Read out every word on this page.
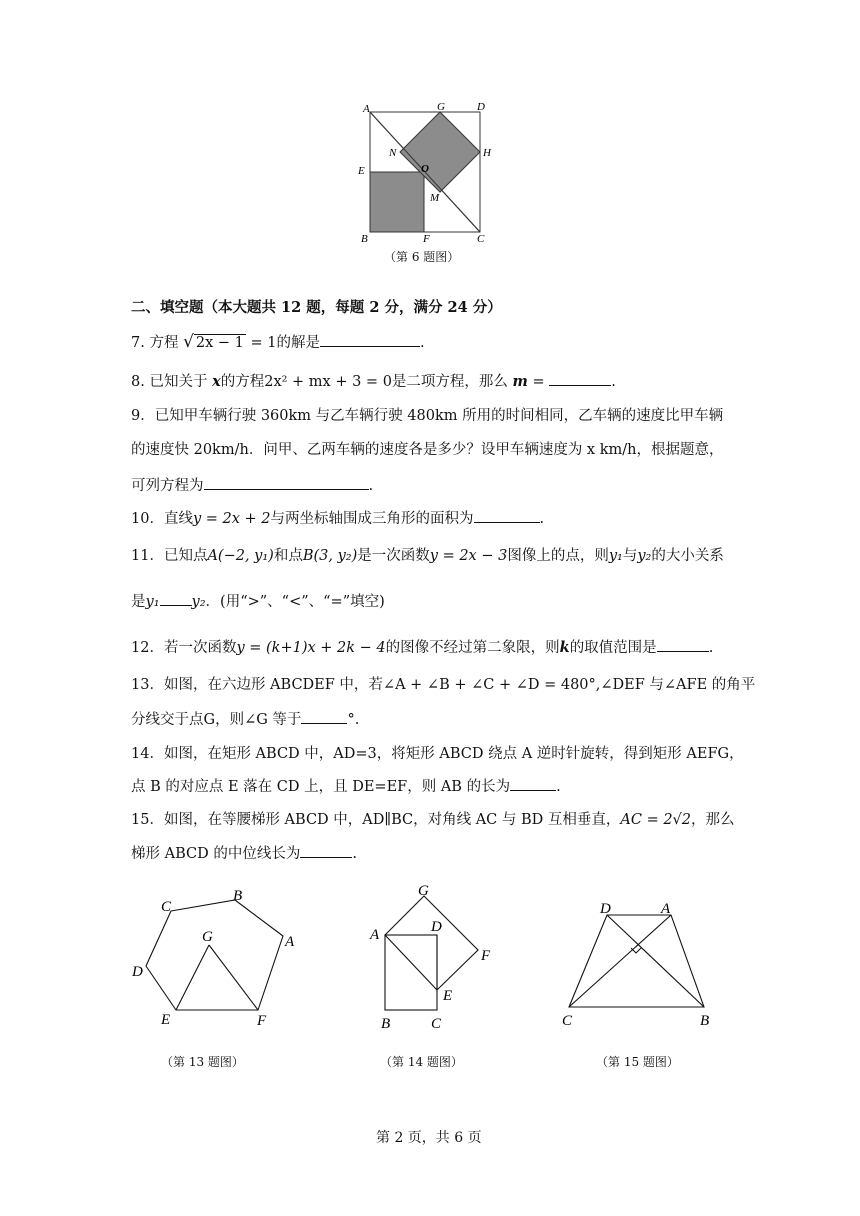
A	G	D
N
O
H
E
M
B	F	C
（第 6 题图）
二、填空题（本大题共 12 题，每题 2 分，满分 24 分）
7. 方程 √ 2x − 1 = 1的解是	.
8. 已知关于 x的方程2x² + mx + 3 = 0是二项方程，那么 m =	.
9．已知甲车辆行驶 360km 与乙车辆行驶 480km 所用的时间相同，乙车辆的速度比甲车辆
的速度快 20km/h．问甲、乙两车辆的速度各是多少？设甲车辆速度为 x km/h，根据题意，
可列方程为	.
10．直线y = 2x + 2与两坐标轴围成三角形的面积为	.
11．已知点A(−2, y₁)和点B(3, y₂)是一次函数y = 2x − 3图像上的点，则y₁与y₂的大小关系
是y₁ y₂．(用“>”、“<”、“=”填空)
12．若一次函数y = (k+1)x + 2k − 4的图像不经过第二象限，则k的取值范围是	.
13．如图，在六边形 ABCDEF 中，若∠A + ∠B + ∠C + ∠D = 480°,∠DEF 与∠AFE 的角平
分线交于点G，则∠G 等于	°.
14．如图，在矩形 ABCD 中，AD=3，将矩形 ABCD 绕点 A 逆时针旋转，得到矩形 AEFG，
点 B 的对应点 E 落在 CD 上，且 DE=EF，则 AB 的长为	.
15．如图，在等腰梯形 ABCD 中，AD∥BC，对角线 AC 与 BD 互相垂直，AC = 2√2，那么
梯形 ABCD 的中位线长为	.
C
B
G	A
D
E	F
（第 13 题图）
G
A	D
F
E
B	C
（第 14 题图）
D	A
C	B
（第 15 题图）
第 2 页，共 6 页
